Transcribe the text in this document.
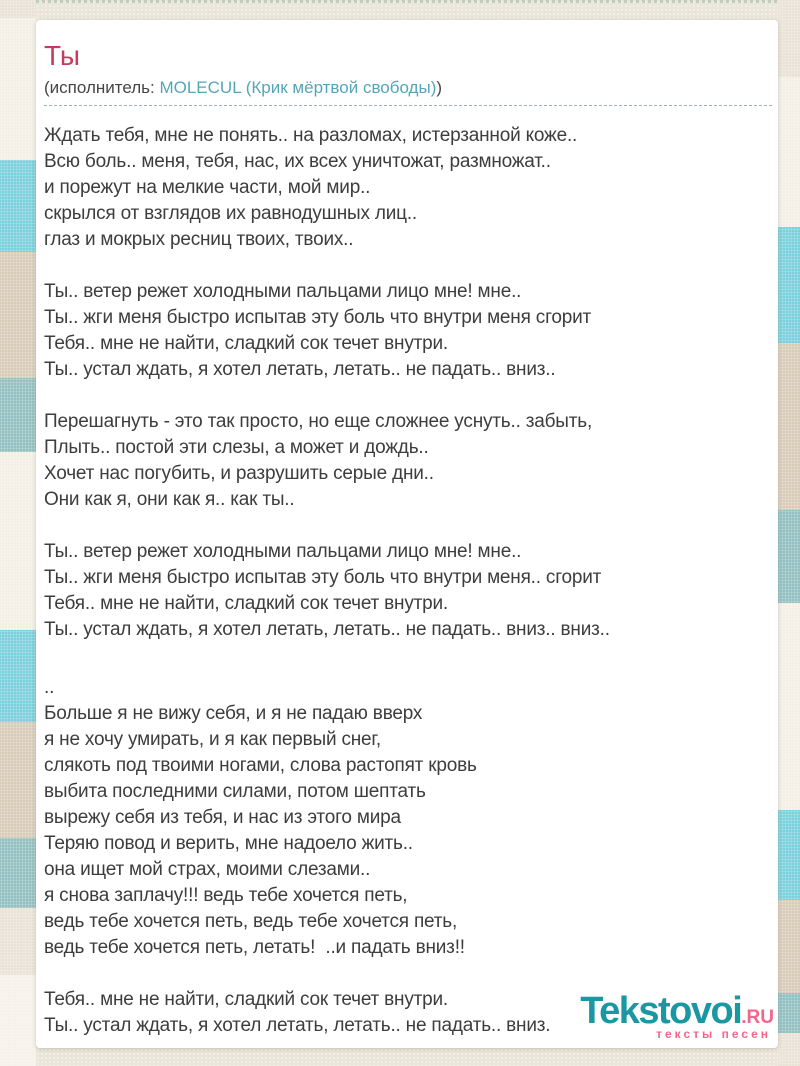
Ты
(исполнитель: MOLECUL (Крик мёртвой свободы))

Ждать тебя, мне не понять.. на разломах, истерзанной коже..
Всю боль.. меня, тебя, нас, их всех уничтожат, размножат..
и порежут на мелкие части, мой мир..
скрылся от взглядов их равнодушных лиц..
глаз и мокрых ресниц твоих, твоих..

Ты.. ветер режет холодными пальцами лицо мне! мне..
Ты.. жги меня быстро испытав эту боль что внутри меня сгорит
Тебя.. мне не найти, сладкий сок течет внутри.
Ты.. устал ждать, я хотел летать, летать.. не падать.. вниз..

Перешагнуть - это так просто, но еще сложнее уснуть.. забыть,
Плыть.. постой эти слезы, а может и дождь..
Хочет нас погубить, и разрушить серые дни..
Они как я, они как я.. как ты..

Ты.. ветер режет холодными пальцами лицо мне! мне..
Ты.. жги меня быстро испытав эту боль что внутри меня.. сгорит
Тебя.. мне не найти, сладкий сок течет внутри.
Ты.. устал ждать, я хотел летать, летать.. не падать.. вниз.. вниз..

..
Больше я не вижу себя, и я не падаю вверх
я не хочу умирать, и я как первый снег,
слякоть под твоими ногами, слова растопят кровь
выбита последними силами, потом шептать
вырежу себя из тебя, и нас из этого мира
Теряю повод и верить, мне надоело жить..
она ищет мой страх, моими слезами..
я снова заплачу!!! ведь тебе хочется петь,
ведь тебе хочется петь, ведь тебе хочется петь,
ведь тебе хочется петь, летать!  ..и падать вниз!!

Тебя.. мне не найти, сладкий сок течет внутри.
Ты.. устал ждать, я хотел летать, летать.. не падать.. вниз. Tekstovoi.RU
тексты песен
